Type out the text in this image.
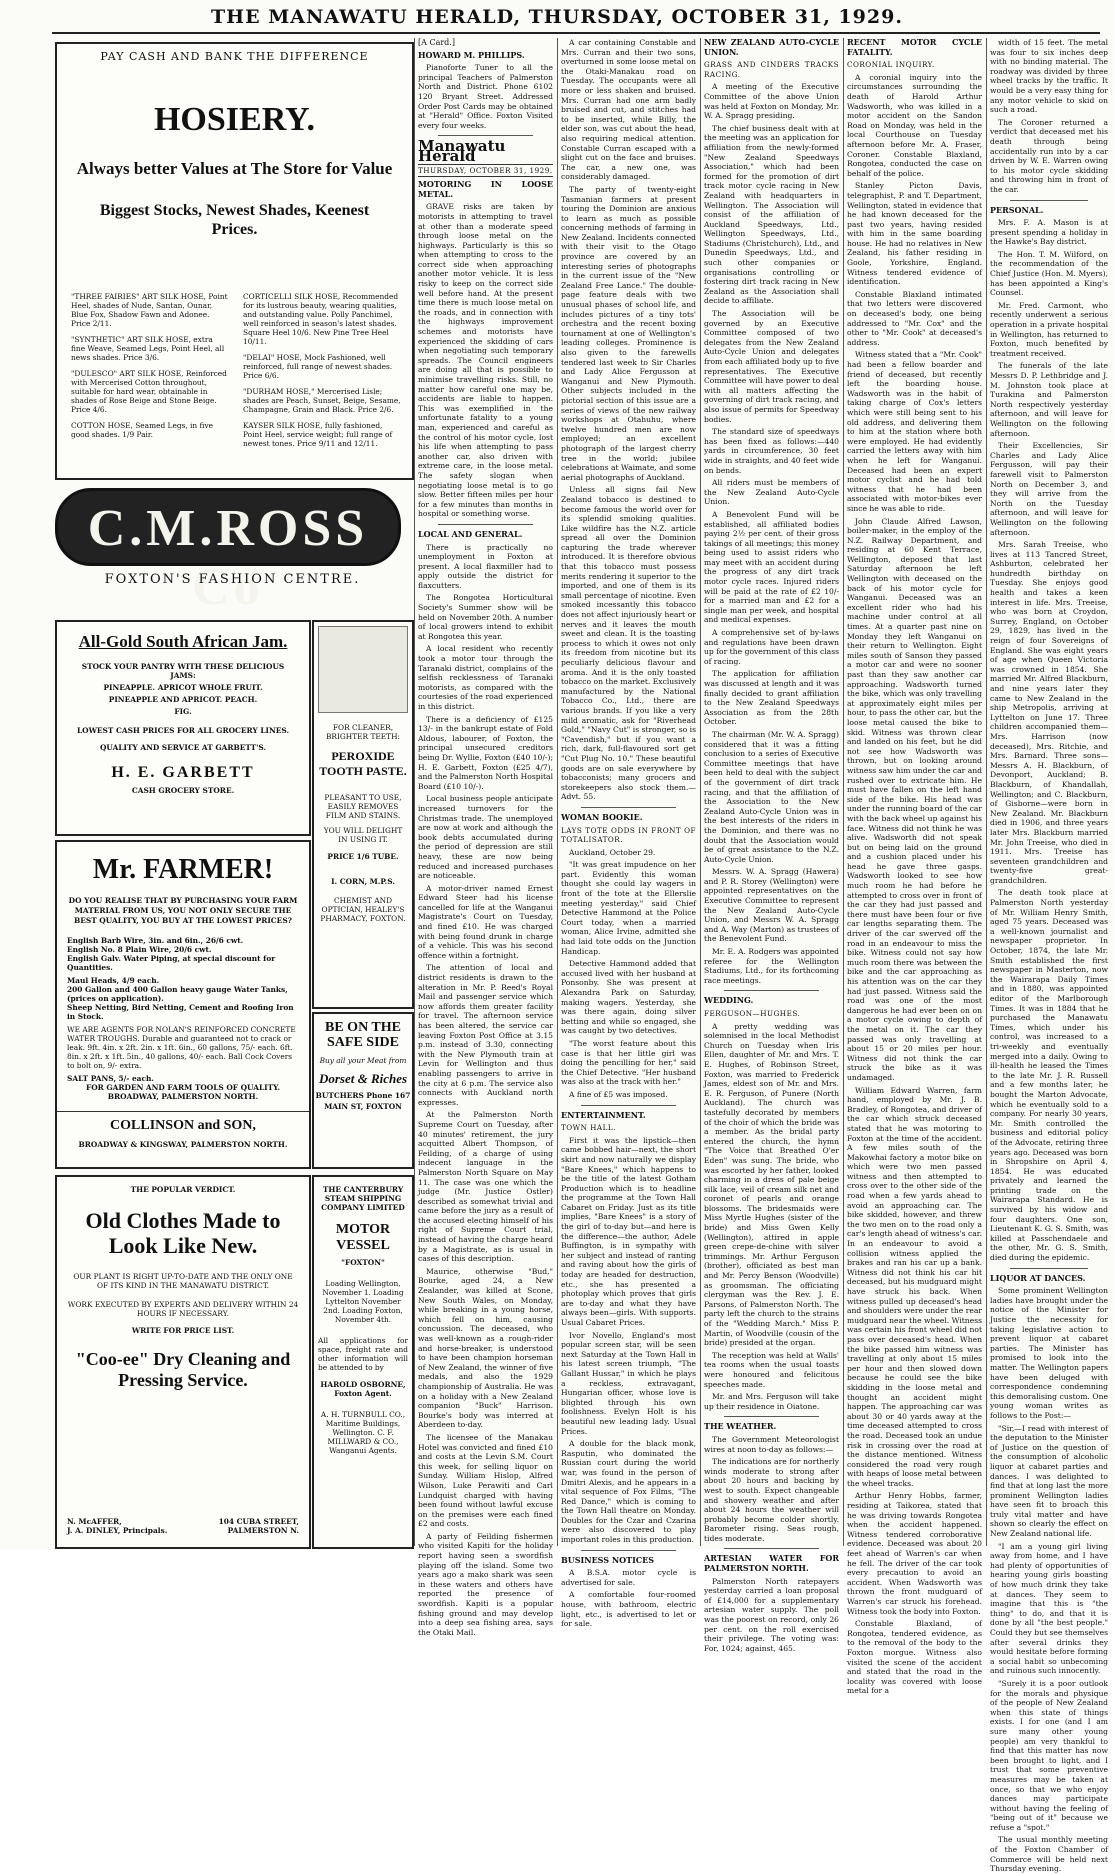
THE MANAWATU HERALD, THURSDAY, OCTOBER 31, 1929.
PAY CASH AND BANK THE DIFFERENCE
HOSIERY.
Always better Values at The Store for Value
Biggest Stocks, Newest Shades, Keenest Prices.

"THREE FAIRIES" ART SILK HOSE, Point Heel, shades of Nude, Santan, Ounar, Blue Fox, Shadow Fawn and Adonee. Price 2/11.

"SYNTHETIC" ART SILK HOSE, extra fine Weave, Seamed Legs, Point Heel, all news shades. Price 3/6.

"DULESCO" ART SILK HOSE, Reinforced with Mercerised Cotton throughout, suitable for hard wear, obtainable in shades of Rose Beige and Stone Beige. Price 4/6.

COTTON HOSE, Seamed Legs, in five good shades. 1/9 Pair.

CORTICELLI SILK HOSE, Recommended for its lustrous beauty, wearing qualities, and outstanding value. Polly Panchimel, well reinforced in season's latest shades. Square Heel 10/6. New Pine Tree Heel 10/11.

"DELAI" HOSE, Mock Fashioned, well reinforced, full range of newest shades. Price 6/6.

"DURHAM HOSE," Mercerised Lisle; shades are Peach, Sunset, Beige, Sesame, Champagne, Grain and Black. Price 2/6.

KAYSER SILK HOSE, fully fashioned, Point Heel, service weight; full range of newest tones. Price 9/11 and 12/11.

C.M.ROSS Co
FOXTON'S FASHION CENTRE.
All-Gold South African Jam.
STOCK YOUR PANTRY WITH THESE DELICIOUS JAMS:
PINEAPPLE. APRICOT WHOLE FRUIT.
PINEAPPLE AND APRICOT. PEACH.
FIG.
LOWEST CASH PRICES FOR ALL GROCERY LINES.
QUALITY AND SERVICE AT GARBETT'S.
H. E. GARBETT
CASH GROCERY STORE.
FOR CLEANER, BRIGHTER TEETH:
PEROXIDE TOOTH PASTE.
PLEASANT TO USE, EASILY REMOVES FILM AND STAINS.
YOU WILL DELIGHT IN USING IT.
PRICE 1/6 TUBE.
I. CORN, M.P.S.
CHEMIST AND OPTICIAN, HEALEY'S PHARMACY, FOXTON.
Mr. FARMER!
DO YOU REALISE THAT BY PURCHASING YOUR FARM MATERIAL FROM US, YOU NOT ONLY SECURE THE BEST QUALITY, YOU BUY AT THE LOWEST PRICES?
English Barb Wire, 3in. and 6in., 26/6 cwt.
English No. 8 Plain Wire, 20/6 cwt.
English Galv. Water Piping, at special discount for Quantities.
Maul Heads, 4/9 each.
200 Gallon and 400 Gallon heavy gauge Water Tanks, (prices on application).
Sheep Netting, Bird Netting, Cement and Roofing Iron in Stock.
WE ARE AGENTS FOR NOLAN'S REINFORCED CONCRETE WATER TROUGHS. Durable and guaranteed not to crack or leak. 9ft. 4in. x 2ft. 2in. x 1ft. 6in., 60 gallons, 75/- each. 6ft. 8in. x 2ft. x 1ft. 5in., 40 gallons, 40/- each. Ball Cock Covers to bolt on, 9/- extra.
SALT PANS, 5/- each.
FOR GARDEN AND FARM TOOLS OF QUALITY. BROADWAY, PALMERSTON NORTH.
COLLINSON and SON,
BROADWAY & KINGSWAY, PALMERSTON NORTH.
BE ON THE SAFE SIDE
Buy all your Meat from
Dorset & Riches
BUTCHERS Phone 167
MAIN ST, FOXTON
THE POPULAR VERDICT.
Old Clothes Made to Look Like New.
OUR PLANT IS RIGHT UP-TO-DATE AND THE ONLY ONE OF ITS KIND IN THE MANAWATU DISTRICT.
WORK EXECUTED BY EXPERTS AND DELIVERY WITHIN 24 HOURS IF NECESSARY.
WRITE FOR PRICE LIST.
"Coo-ee" Dry Cleaning and Pressing Service.
N. McAFFER,
J. A. DINLEY, Principals.
104 CUBA STREET,
PALMERSTON N.
THE CANTERBURY STEAM SHIPPING COMPANY LIMITED
MOTOR VESSEL
"FOXTON"
Loading Wellington, November 1. Loading Lyttelton November 2nd. Loading Foxton, November 4th.
All applications for space, freight rate and other information will be attended to by
HAROLD OSBORNE, Foxton Agent.
A. H. TURNBULL CO., Maritime Buildings, Wellington. C. F. MILLWARD & CO., Wanganui Agents.

[A Card.]

HOWARD M. PHILLIPS.

Pianoforte Tuner to all the principal Teachers of Palmerston North and District. Phone 6102 120 Bryant Street. Addressed Order Post Cards may be obtained at "Herald" Office. Foxton Visited every four weeks.

Manawatu Herald

THURSDAY, OCTOBER 31, 1929.

MOTORING IN LOOSE METAL.

GRAVE risks are taken by motorists in attempting to travel at other than a moderate speed through loose metal on the highways. Particularly is this so when attempting to cross to the correct side when approaching another motor vehicle. It is less risky to keep on the correct side well before hand. At the present time there is much loose metal on the roads, and in connection with the highways improvement schemes and motorists have experienced the skidding of cars when negotiating such temporary spreads. The Council engineers are doing all that is possible to minimise travelling risks. Still, no matter how careful one may be, accidents are liable to happen. This was exemplified in the unfortunate fatality to a young man, experienced and careful as the control of his motor cycle, lost his life when attempting to pass another car, also driven with extreme care, in the loose metal. The safety slogan when negotiating loose metal is to go slow. Better fifteen miles per hour for a few minutes than months in hospital or something worse.

LOCAL AND GENERAL.

There is practically no unemployment in Foxton at present. A local flaxmiller had to apply outside the district for flaxcutters.

The Rongotea Horticultural Society's Summer show will be held on November 20th. A number of local growers intend to exhibit at Rongotea this year.

A local resident who recently took a motor tour through the Taranaki district, complains of the selfish recklessness of Taranaki motorists, as compared with the courtesies of the road experienced in this district.

There is a deficiency of £125 13/- in the bankrupt estate of Fold Aldous, labourer, of Foxton, the principal unsecured creditors being Dr. Wyllie, Foxton (£40 10/-); H. E. Garbett, Foxton (£25 4/7), and the Palmerston North Hospital Board (£10 10/-).

Local business people anticipate increased turnovers for the Christmas trade. The unemployed are now at work and although the book debts accumulated during the period of depression are still heavy, these are now being reduced and increased purchases are noticeable.

A motor-driver named Ernest Edward Steer had his license cancelled for life at the Wanganui Magistrate's Court on Tuesday, and fined £10. He was charged with being found drunk in charge of a vehicle. This was his second offence within a fortnight.

The attention of local and district residents is drawn to the alteration in Mr. P. Reed's Royal Mail and passenger service which now affords them greater facility for travel. The afternoon service has been altered, the service car leaving Foxton Post Office at 3.15 p.m. instead of 3.30, connecting with the New Plymouth train at Levin for Wellington and thus enabling passengers to arrive in the city at 6 p.m. The service also connects with Auckland north expresses.

At the Palmerston North Supreme Court on Tuesday, after 40 minutes' retirement, the jury acquitted Albert Thompson, of Feilding, of a charge of using indecent language in the Palmerston North Square on May 11. The case was one which the judge (Mr. Justice Ostler) described as somewhat trivial and came before the jury as a result of the accused electing himself of his right of Supreme Court trial, instead of having the charge heard by a Magistrate, as is usual in cases of this description.

Maurice, otherwise "Bud," Bourke, aged 24, a New Zealander, was killed at Scone, New South Wales, on Monday, while breaking in a young horse, which fell on him, causing concussion. The deceased, who was well-known as a rough-rider and horse-breaker, is understood to have been champion horseman of New Zealand, the winner of five medals, and also the 1929 championship of Australia. He was on a holiday with a New Zealand companion "Buck" Harrison. Bourke's body was interred at Aberdeen to-day.

The licensee of the Manakau Hotel was convicted and fined £10 and costs at the Levin S.M. Court this week, for selling liquor on Sunday. William Hislop, Alfred Wilson, Luke Perawiti and Carl Lundquist charged with having been found without lawful excuse on the premises were each fined £2 and costs.

A party of Feilding fishermen who visited Kapiti for the holiday report having seen a swordfish playing off the island. Some two years ago a mako shark was seen in these waters and others have reported the presence of swordfish. Kapiti is a popular fishing ground and may develop into a deep sea fishing area, says the Otaki Mail.

A car containing Constable and Mrs. Curran and their two sons, overturned in some loose metal on the Otaki-Manakau road on Tuesday. The occupants were all more or less shaken and bruised. Mrs. Curran had one arm badly bruised and cut, and stitches had to be inserted, while Billy, the elder son, was cut about the head, also requiring medical attention. Constable Curran escaped with a slight cut on the face and bruises. The car, a new one, was considerably damaged.

The party of twenty-eight Tasmanian farmers at present touring the Dominion are anxious to learn as much as possible concerning methods of farming in New Zealand. Incidents connected with their visit to the Otago province are covered by an interesting series of photographs in the current issue of the "New Zealand Free Lance." The double-page feature deals with two unusual phases of school life, and includes pictures of a tiny tots' orchestra and the recent boxing tournament at one of Wellington's leading colleges. Prominence is also given to the farewells tendered last week to Sir Charles and Lady Alice Fergusson at Wanganui and New Plymouth. Other subjects included in the pictorial section of this issue are a series of views of the new railway workshops at Otahuhu, where twelve hundred men are now employed; an excellent photograph of the largest cherry tree in the world; jubilee celebrations at Waimate, and some aerial photographs of Auckland.

Unless all signs fail New Zealand tobacco is destined to become famous the world over for its splendid smoking qualities. Like wildfire has the N.Z. article spread all over the Dominion capturing the trade wherever introduced. It is therefore obvious that this tobacco must possess merits rendering it superior to the imported, and one of them is its small percentage of nicotine. Even smoked incessantly this tobacco does not affect injuriously heart or nerves and it leaves the mouth sweet and clean. It is the toasting process to which it owes not only its freedom from nicotine but its peculiarly delicious flavour and aroma. And it is the only toasted tobacco on the market. Exclusively manufactured by the National Tobacco Co., Ltd., there are various brands. If you like a very mild aromatic, ask for "Riverhead Gold," "Navy Cut" is stronger, so is "Cavendish," but if you want a rich, dark, full-flavoured sort get "Cut Plug No. 10." These beautiful goods are on sale everywhere by tobacconists; many grocers and storekeepers also stock them.—Advt. 55.

WOMAN BOOKIE.

LAYS TOTE ODDS IN FRONT OF TOTALISATOR.

Auckland, October 29.

"It was great impudence on her part. Evidently this woman thought she could lay wagers in front of the tote at the Ellerslie meeting yesterday," said Chief Detective Hammond at the Police Court today, when a married woman, Alice Irvine, admitted she had laid tote odds on the Junction Handicap.

Detective Hammond added that accused lived with her husband at Ponsonby. She was present at Alexandra Park on Saturday, making wagers. Yesterday, she was there again, doing silver betting and while so engaged, she was caught by two detectives.

"The worst feature about this case is that her little girl was doing the pencilling for her," said the Chief Detective. "Her husband was also at the track with her."

A fine of £5 was imposed.

ENTERTAINMENT.

TOWN HALL.

First it was the lipstick—then came bobbed hair—next, the short skirt and now naturally we display "Bare Knees," which happens to be the title of the latest Gotham Production which is to headline the programme at the Town Hall Cabaret on Friday. Just as its title implies, "Bare Knees" is a story of the girl of to-day but—and here is the difference—the author, Adele Buffington, is in sympathy with her subject and instead of ranting and raving about how the girls of today are headed for destruction, etc., she has presented a photoplay which proves that girls are to-day and what they have always been—girls. With supports. Usual Cabaret Prices.

Ivor Novello, England's most popular screen star, will be seen next Saturday at the Town Hall in his latest screen triumph, "The Gallant Hussar," in which he plays a reckless, extravagant, Hungarian officer, whose love is blighted through his own foolishness. Evelyn Holt is his beautiful new leading lady. Usual Prices.

A double for the black monk, Rasputin, who dominated the Russian court during the world war, was found in the person of Dmitri Alexis, and he appears in a vital sequence of Fox Films, "The Red Dance," which is coming to the Town Hall theatre on Monday. Doubles for the Czar and Czarina were also discovered to play important roles in this production.

BUSINESS NOTICES

A B.S.A. motor cycle is advertised for sale.

A comfortable four-roomed house, with bathroom, electric light, etc., is advertised to let or for sale.

NEW ZEALAND AUTO-CYCLE UNION.

GRASS AND CINDERS TRACKS RACING.

A meeting of the Executive Committee of the above Union was held at Foxton on Monday, Mr. W. A. Spragg presiding.

The chief business dealt with at the meeting was an application for affiliation from the newly-formed "New Zealand Speedways Association," which had been formed for the promotion of dirt track motor cycle racing in New Zealand with headquarters in Wellington. The Association will consist of the affiliation of Auckland Speedways, Ltd., Wellington Speedways, Ltd., Stadiums (Christchurch), Ltd., and Dunedin Speedways, Ltd., and such other companies or organisations controlling or fostering dirt track racing in New Zealand as the Association shall decide to affiliate.

The Association will be governed by an Executive Committee composed of two delegates from the New Zealand Auto-Cycle Union and delegates from each affiliated body up to five representatives. The Executive Committee will have power to deal with all matters affecting the governing of dirt track racing, and also issue of permits for Speedway bodies.

The standard size of speedways has been fixed as follows:—440 yards in circumference, 30 feet wide in straights, and 40 feet wide on bends.

All riders must be members of the New Zealand Auto-Cycle Union.

A Benevolent Fund will be established, all affiliated bodies paying 2½ per cent. of their gross takings of all meetings; this money being used to assist riders who may meet with an accident during the progress of any dirt track motor cycle races. Injured riders will be paid at the rate of £2 10/- for a married man and £2 for a single man per week, and hospital and medical expenses.

A comprehensive set of by-laws and regulations have been drawn up for the government of this class of racing.

The application for affiliation was discussed at length and it was finally decided to grant affiliation to the New Zealand Speedways Association as from the 28th October.

The chairman (Mr. W. A. Spragg) considered that it was a fitting conclusion to a series of Executive Committee meetings that have been held to deal with the subject of the government of dirt track racing, and that the affiliation of the Association to the New Zealand Auto-Cycle Union was in the best interests of the riders in the Dominion, and there was no doubt that the Association would be of great assistance to the N.Z. Auto-Cycle Union.

Messrs. W. A. Spragg (Hawera) and P. R. Storey (Wellington) were appointed representatives on the Executive Committee to represent the New Zealand Auto-Cycle Union, and Messrs W. A. Spragg and A. Way (Marton) as trustees of the Benevolent Fund.

Mr. E. A. Rodgers was appointed referee for the Wellington Stadiums, Ltd., for its forthcoming race meetings.

WEDDING.

FERGUSON—HUGHES.

A pretty wedding was solemnised in the local Methodist Church on Tuesday when Iris Ellen, daughter of Mr. and Mrs. T. E. Hughes, of Robinson Street, Foxton, was married to Frederick James, eldest son of Mr. and Mrs. E. R. Ferguson, of Punere (North Auckland). The church was tastefully decorated by members of the choir of which the bride was a member. As the bridal party entered the church, the hymn "The Voice that Breathed O'er Eden" was sung. The bride, who was escorted by her father, looked charming in a dress of pale beige silk lace, veil of cream silk net and coronet of pearls and orange blossoms. The bridesmaids were Miss Myrtle Hughes (sister of the bride) and Miss Gwen Kelly (Wellington), attired in apple green crepe-de-chine with silver trimmings. Mr. Arthur Ferguson (brother), officiated as best man and Mr. Percy Benson (Woodville) as groomsman. The officiating clergyman was the Rev. J. E. Parsons, of Palmerston North. The party left the church to the strains of the "Wedding March." Miss P. Martin, of Woodville (cousin of the bride) presided at the organ.

The reception was held at Walls' tea rooms when the usual toasts were honoured and felicitous speeches made.

Mr. and Mrs. Ferguson will take up their residence in Oiatone.

THE WEATHER.

The Government Meteorologist wires at noon to-day as follows:—

The indications are for northerly winds moderate to strong after about 20 hours and backing by west to south. Expect changeable and showery weather and after about 24 hours the weather will probably become colder shortly. Barometer rising. Seas rough, tides moderate.

ARTESIAN WATER FOR PALMERSTON NORTH.

Palmerston North ratepayers yesterday carried a loan proposal of £14,000 for a supplementary artesian water supply. The poll was the poorest on record, only 26 per cent. on the roll exercised their privilege. The voting was: For, 1024; against, 465.

RECENT MOTOR CYCLE FATALITY.

CORONIAL INQUIRY.

A coronial inquiry into the circumstances surrounding the death of Harold Arthur Wadsworth, who was killed in a motor accident on the Sandon Road on Monday, was held in the local Courthouse on Tuesday afternoon before Mr. A. Fraser, Coroner. Constable Blaxland, Rongotea, conducted the case on behalf of the police.

Stanley Picton Davis, telegraphist, P. and T. Department, Wellington, stated in evidence that he had known deceased for the past two years, having resided with him in the same boarding house. He had no relatives in New Zealand, his father residing in Goole, Yorkshire, England. Witness tendered evidence of identification.

Constable Blaxland intimated that two letters were discovered on deceased's body, one being addressed to "Mr. Cox" and the other to "Mr. Cook" at deceased's address.

Witness stated that a "Mr. Cook" had been a fellow boarder and friend of deceased, but recently left the boarding house. Wadsworth was in the habit of taking charge of Cox's letters which were still being sent to his old address, and delivering them to him at the station where both were employed. He had evidently carried the letters away with him when he left for Wanganui. Deceased had been an expert motor cyclist and he had told witness that he had been associated with motor-bikes ever since he was able to ride.

John Claude Alfred Lawson, boiler-maker, in the employ of the N.Z. Railway Department, and residing at 60 Kent Terrace, Wellington, deposed that last Saturday afternoon he left Wellington with deceased on the back of his motor cycle for Wanganui. Deceased was an excellent rider who had his machine under control at all times. At a quarter past nine on Monday they left Wanganui on their return to Wellington. Eight miles south of Sanson they passed a motor car and were no sooner past than they saw another car approaching. Wadsworth turned the bike, which was only travelling at approximately eight miles per hour, to pass the other car, but the loose metal caused the bike to skid. Witness was thrown clear and landed on his feet, but he did not see how Wadsworth was thrown, but on looking around witness saw him under the car and rushed over to extricate him. He must have fallen on the left hand side of the bike. His head was under the running board of the car with the back wheel up against his face. Witness did not think he was alive. Wadsworth did not speak but on being laid on the ground and a cushion placed under his head he gave three gasps. Wadsworth looked to see how much room he had before he attempted to cross over in front of the car they had just passed and there must have been four or five car lengths separating them. The driver of the car swerved off the road in an endeavour to miss the bike. Witness could not say how much room there was between the bike and the car approaching as his attention was on the car they had just passed. Witness said the road was one of the most dangerous he had ever been on on a motor cycle owing to depth of the metal on it. The car they passed was only travelling at about 15 or 20 miles per hour. Witness did not think the car struck the bike as it was undamaged.

William Edward Warren, farm hand, employed by Mr. J. B. Bradley, of Rongotea, and driver of the car which struck deceased stated that he was motoring to Foxton at the time of the accident. A few miles south of the Makowhai factory a motor bike on which were two men passed witness and then attempted to cross over to the other side of the road when a few yards ahead to avoid an approaching car. The bike skidded, however, and threw the two men on to the road only a car's length ahead of witness's car. In an endeavour to avoid a collision witness applied the brakes and ran his car up a bank. Witness did not think his car hit deceased, but his mudguard might have struck his back. When witness pulled up deceased's head and shoulders were under the rear mudguard near the wheel. Witness was certain his front wheel did not pass over deceased's head. When the bike passed him witness was travelling at only about 15 miles per hour and then slowed down because he could see the bike skidding in the loose metal and thought an accident might happen. The approaching car was about 30 or 40 yards away at the time deceased attempted to cross the road. Deceased took an undue risk in crossing over the road at the distance mentioned. Witness considered the road very rough with heaps of loose metal between the wheel tracks.

Arthur Henry Hobbs, farmer, residing at Taikorea, stated that he was driving towards Rongotea when the accident happened. Witness tendered corroborative evidence. Deceased was about 20 feet ahead of Warren's car when he fell. The driver of the car took every precaution to avoid an accident. When Wadsworth was thrown the front mudguard of Warren's car struck his forehead. Witness took the body into Foxton.

Constable Blaxland, of Rongotea, tendered evidence, as to the removal of the body to the Foxton morgue. Witness also visited the scene of the accident and stated that the road in the locality was covered with loose metal for a

width of 15 feet. The metal was four to six inches deep with no binding material. The roadway was divided by three wheel tracks by the traffic. It would be a very easy thing for any motor vehicle to skid on such a road.

The Coroner returned a verdict that deceased met his death through being accidentally run into by a car driven by W. E. Warren owing to his motor cycle skidding and throwing him in front of the car.

PERSONAL.

Mrs. F. A. Mason is at present spending a holiday in the Hawke's Bay district.

The Hon. T. M. Wilford, on the recommendation of the Chief Justice (Hon. M. Myers), has been appointed a King's Counsel.

Mr. Fred. Carmont, who recently underwent a serious operation in a private hospital in Wellington, has returned to Foxton, much benefited by treatment received.

The funerals of the late Messrs D. P. Lethbridge and J. M. Johnston took place at Turakina and Palmerston North respectively yesterday afternoon, and will leave for Wellington on the following afternoon.

Their Excellencies, Sir Charles and Lady Alice Fergusson, will pay their farewell visit to Palmerston North on December 3, and they will arrive from the North on the Tuesday afternoon, and will leave for Wellington on the following afternoon.

Mrs. Sarah Treeise, who lives at 113 Tancred Street, Ashburton, celebrated her hundredth birthday on Tuesday. She enjoys good health and takes a keen interest in life. Mrs. Treeise, who was born at Croydon, Surrey, England, on October 29, 1829, has lived in the reign of four Sovereigns of England. She was eight years of age when Queen Victoria was crowned in 1854. She married Mr. Alfred Blackburn, and nine years later they came to New Zealand in the ship Metropolis, arriving at Lyttelton on June 17. Three children accompanied them—Mrs. Harrison (now deceased), Mrs. Ritchie, and Mrs. Barnard. Three sons—Messrs A. H. Blackburn, of Devonport, Auckland; B. Blackburn, of Khandallah, Wellington; and C. Blackburn, of Gisborne—were born in New Zealand. Mr. Blackburn died in 1906, and three years later Mrs. Blackburn married Mr. John Treeise, who died in 1911. Mrs. Treeise has seventeen grandchildren and twenty-five great-grandchildren.

The death took place at Palmerston North yesterday of Mr. William Henry Smith, aged 75 years. Deceased was a well-known journalist and newspaper proprietor. In October, 1874, the late Mr. Smith established the first newspaper in Masterton, now the Wairarapa Daily Times and in 1880, was appointed editor of the Marlborough Times. It was in 1884 that he purchased the Manawatu Times, which under his control, was increased to a tri-weekly and eventually merged into a daily. Owing to ill-health he leased the Times to the late Mr. J. R. Russell and a few months later, he bought the Marton Advocate, which he eventually sold to a company. For nearly 30 years, Mr. Smith controlled the business and editorial policy of the Advocate, retiring three years ago. Deceased was born in Shropshire on April 4, 1854. He was educated privately and learned the printing trade on the Wairarapa Standard. He is survived by his widow and four daughters. One son, Lieutenant K. G. S. Smith, was killed at Passchendaele and the other, Mr. G. S. Smith, died during the epidemic.

LIQUOR AT DANCES.

Some prominent Wellington ladies have brought under the notice of the Minister for Justice the necessity for taking legislative action to prevent liquor at cabaret parties. The Minister has promised to look into the matter. The Wellington papers have been deluged with correspondence condemning this demoralising custom. One young woman writes as follows to the Post:—

"Sir,—I read with interest of the deputation to the Minister of Justice on the question of the consumption of alcoholic liquor at cabaret parties and dances. I was delighted to find that at long last the more prominent Wellington ladies have seen fit to broach this truly vital matter and have shown so clearly the effect on New Zealand national life.

"I am a young girl living away from home, and I have had plenty of opportunities of hearing young girls boasting of how much drink they take at dances. They seem to imagine that this is "the thing" to do, and that it is done by all "the best people." Could they but see themselves after several drinks they would hesitate before forming a social habit so unbecoming and ruinous such innocently.

"Surely it is a poor outlook for the morals and physique of the people of New Zealand when this state of things exists. I for one (and I am sure many other young people) am very thankful to find that this matter has now been brought to light, and I trust that some preventive measures may be taken at once, so that we who enjoy dances may participate without having the feeling of "being out of it" because we refuse a "spot."

The usual monthly meeting of the Foxton Chamber of Commerce will be held next Thursday evening.
